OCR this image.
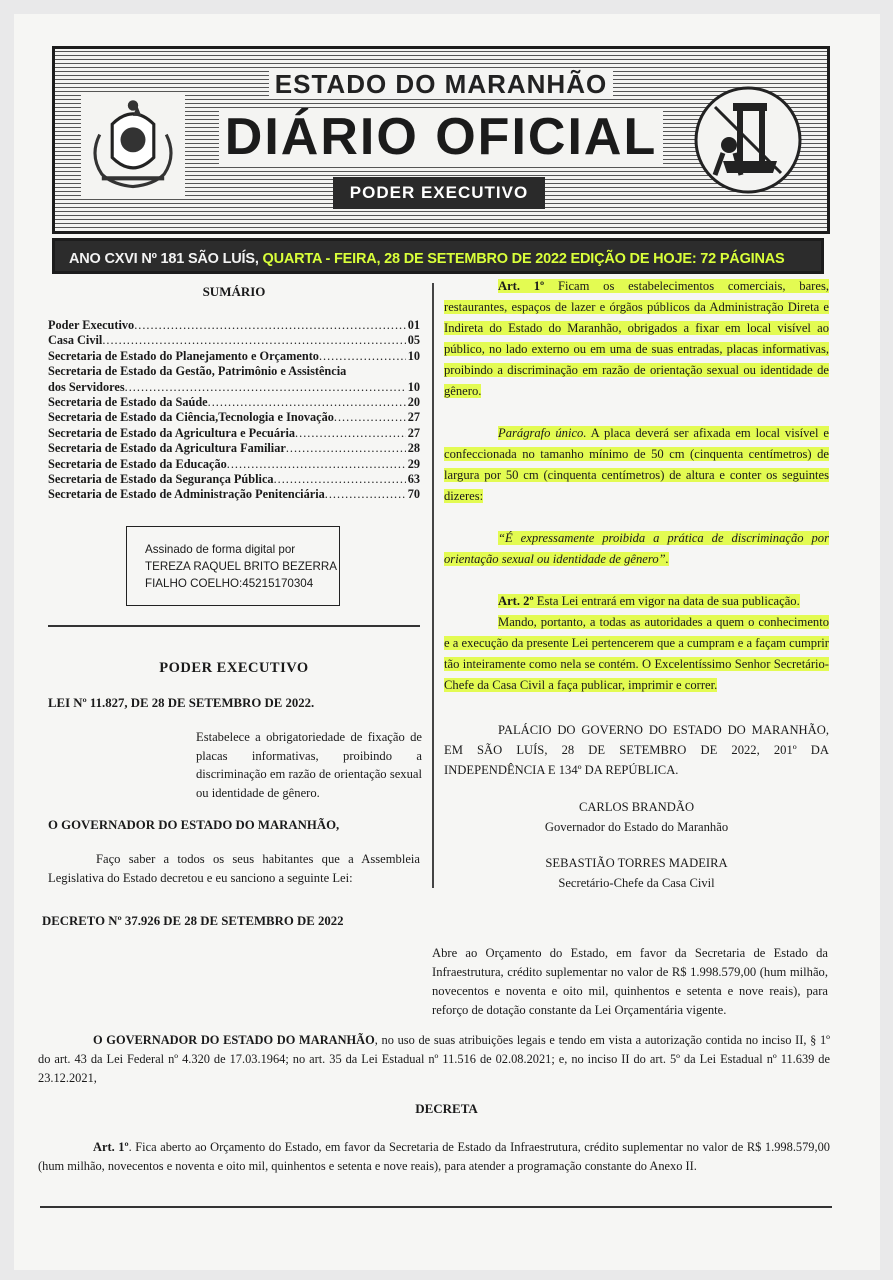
ESTADO DO MARANHÃO
DIÁRIO OFICIAL
PODER EXECUTIVO
ANO CXVI Nº 181 SÃO LUÍS, QUARTA - FEIRA, 28 DE SETEMBRO DE 2022 EDIÇÃO DE HOJE: 72 PÁGINAS
SUMÁRIO
Poder Executivo .....	01
Casa Civil .....	05
Secretaria de Estado do Planejamento e Orçamento .....	10
Secretaria de Estado da Gestão, Patrimônio e Assistência
dos Servidores .....	10
Secretaria de Estado da Saúde .....	20
Secretaria de Estado da Ciência,Tecnologia e Inovação .....	27
Secretaria de Estado da Agricultura e Pecuária .....	27
Secretaria de Estado da Agricultura Familiar .....	28
Secretaria de Estado da Educação .....	29
Secretaria de Estado da Segurança Pública .....	63
Secretaria de Estado de Administração Penitenciária .....	70
Assinado de forma digital por
TEREZA RAQUEL BRITO BEZERRA
FIALHO COELHO:45215170304
PODER EXECUTIVO
LEI Nº 11.827, DE 28 DE SETEMBRO DE 2022.
Estabelece a obrigatoriedade de fixação de placas informativas, proibindo a discriminação em razão de orientação sexual ou identidade de gênero.
O GOVERNADOR DO ESTADO DO MARANHÃO,
Faço saber a todos os seus habitantes que a Assembleia Legislativa do Estado decretou e eu sanciono a seguinte Lei:

Art. 1º Ficam os estabelecimentos comerciais, bares, restaurantes, espaços de lazer e órgãos públicos da Administração Direta e Indireta do Estado do Maranhão, obrigados a fixar em local visível ao público, no lado externo ou em uma de suas entradas, placas informativas, proibindo a discriminação em razão de orientação sexual ou identidade de gênero.

Parágrafo único. A placa deverá ser afixada em local visível e confeccionada no tamanho mínimo de 50 cm (cinquenta centímetros) de largura por 50 cm (cinquenta centímetros) de altura e conter os seguintes dizeres:

“É expressamente proibida a prática de discriminação por orientação sexual ou identidade de gênero”.

Art. 2º Esta Lei entrará em vigor na data de sua publicação.

Mando, portanto, a todas as autoridades a quem o conhecimento e a execução da presente Lei pertencerem que a cumpram e a façam cumprir tão inteiramente como nela se contém. O Excelentíssimo Senhor Secretário-Chefe da Casa Civil a faça publicar, imprimir e correr.

PALÁCIO DO GOVERNO DO ESTADO DO MARANHÃO, EM SÃO LUÍS, 28 DE SETEMBRO DE 2022, 201º DA INDEPENDÊNCIA E 134º DA REPÚBLICA.

CARLOS BRANDÃO
Governador do Estado do Maranhão

SEBASTIÃO TORRES MADEIRA
Secretário-Chefe da Casa Civil

DECRETO Nº 37.926 DE 28 DE SETEMBRO DE 2022
Abre ao Orçamento do Estado, em favor da Secretaria de Estado da Infraestrutura, crédito suplementar no valor de R$ 1.998.579,00 (hum milhão, novecentos e noventa e oito mil, quinhentos e setenta e nove reais), para reforço de dotação constante da Lei Orçamentária vigente.
O GOVERNADOR DO ESTADO DO MARANHÃO, no uso de suas atribuições legais e tendo em vista a autorização contida no inciso II, § 1º do art. 43 da Lei Federal nº 4.320 de 17.03.1964; no art. 35 da Lei Estadual nº 11.516 de 02.08.2021; e, no inciso II do art. 5º da Lei Estadual nº 11.639 de 23.12.2021,
DECRETA
Art. 1º. Fica aberto ao Orçamento do Estado, em favor da Secretaria de Estado da Infraestrutura, crédito suplementar no valor de R$ 1.998.579,00 (hum milhão, novecentos e noventa e oito mil, quinhentos e setenta e nove reais), para atender a programação constante do Anexo II.
